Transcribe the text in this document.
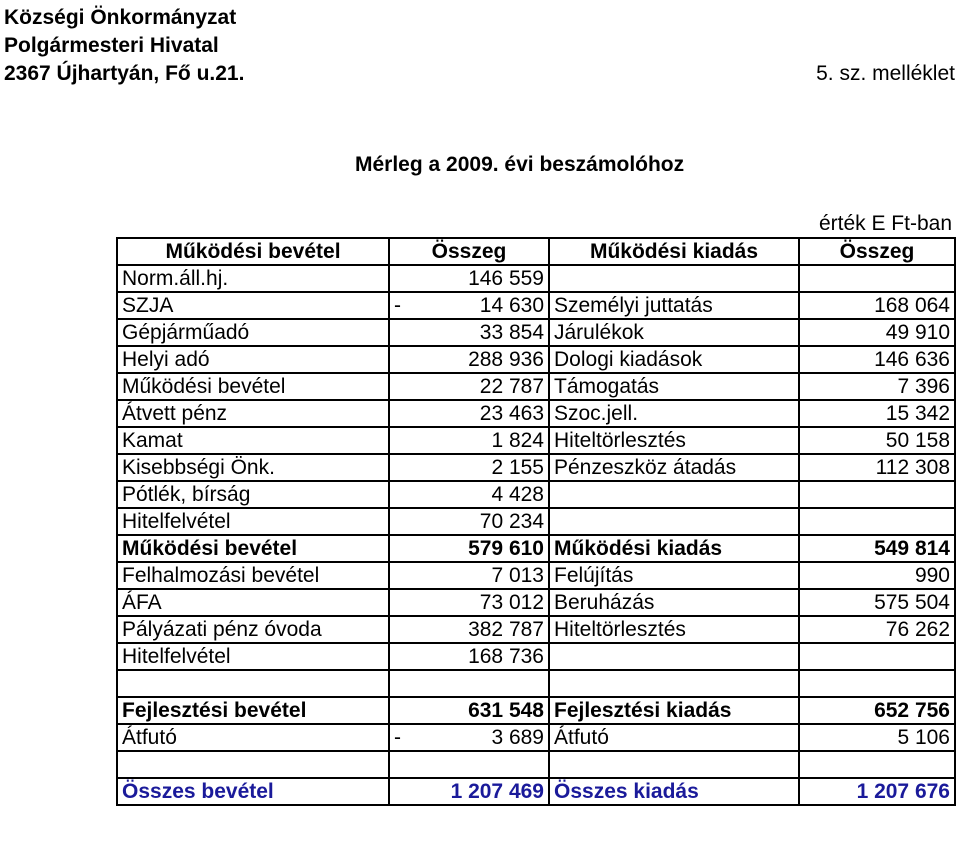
Községi Önkormányzat
Polgármesteri Hivatal
2367 Újhartyán, Fő u.21.	5. sz. melléklet
Mérleg a 2009. évi beszámolóhoz
érték E Ft-ban
Működési bevétel	Összeg	Működési kiadás	Összeg
Norm.áll.hj.	146 559		

SZJA	- 14 630	Személyi juttatás	168 064
Gépjárműadó	33 854	Járulékok	49 910
Helyi adó	288 936	Dologi kiadások	146 636
Működési bevétel	22 787	Támogatás	7 396
Átvett pénz	23 463	Szoc.jell.	15 342
Kamat	1 824	Hiteltörlesztés	50 158
Kisebbségi Önk.	2 155	Pénzeszköz átadás	112 308
Pótlék, bírság	4 428		

Hitelfelvétel	70 234		

Működési bevétel	579 610	Működési kiadás	549 814
Felhalmozási bevétel	7 013	Felújítás	990
ÁFA	73 012	Beruházás	575 504
Pályázati pénz óvoda	382 787	Hiteltörlesztés	76 262
Hitelfelvétel	168 736		

Fejlesztési bevétel	631 548	Fejlesztési kiadás	652 756
Átfutó	- 3 689	Átfutó	5 106

Összes bevétel	1 207 469	Összes kiadás	1 207 676
